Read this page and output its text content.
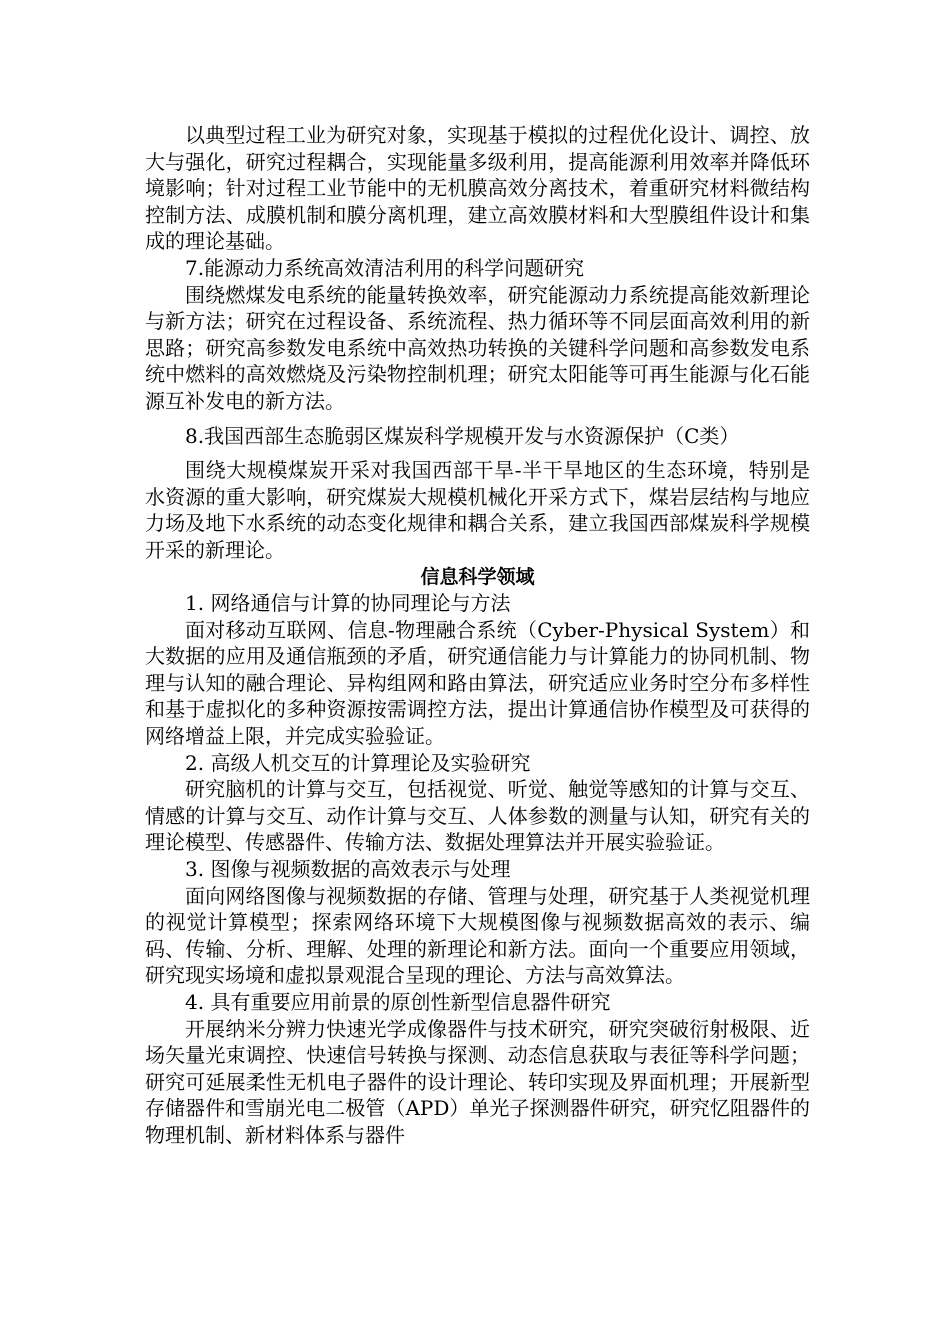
以典型过程工业为研究对象，实现基于模拟的过程优化设计、调控、放大与强化，研究过程耦合，实现能量多级利用，提高能源利用效率并降低环境影响；针对过程工业节能中的无机膜高效分离技术，着重研究材料微结构控制方法、成膜机制和膜分离机理，建立高效膜材料和大型膜组件设计和集成的理论基础。

7.能源动力系统高效清洁利用的科学问题研究

围绕燃煤发电系统的能量转换效率，研究能源动力系统提高能效新理论与新方法；研究在过程设备、系统流程、热力循环等不同层面高效利用的新思路；研究高参数发电系统中高效热功转换的关键科学问题和高参数发电系统中燃料的高效燃烧及污染物控制机理；研究太阳能等可再生能源与化石能源互补发电的新方法。

8.我国西部生态脆弱区煤炭科学规模开发与水资源保护（C类）

围绕大规模煤炭开采对我国西部干旱-半干旱地区的生态环境，特别是水资源的重大影响，研究煤炭大规模机械化开采方式下，煤岩层结构与地应力场及地下水系统的动态变化规律和耦合关系，建立我国西部煤炭科学规模开采的新理论。

信息科学领域

1. 网络通信与计算的协同理论与方法

面对移动互联网、信息-物理融合系统（Cyber-Physical System）和大数据的应用及通信瓶颈的矛盾，研究通信能力与计算能力的协同机制、物理与认知的融合理论、异构组网和路由算法，研究适应业务时空分布多样性和基于虚拟化的多种资源按需调控方法，提出计算通信协作模型及可获得的网络增益上限，并完成实验验证。

2. 高级人机交互的计算理论及实验研究

研究脑机的计算与交互，包括视觉、听觉、触觉等感知的计算与交互、情感的计算与交互、动作计算与交互、人体参数的测量与认知，研究有关的理论模型、传感器件、传输方法、数据处理算法并开展实验验证。

3. 图像与视频数据的高效表示与处理

面向网络图像与视频数据的存储、管理与处理，研究基于人类视觉机理的视觉计算模型；探索网络环境下大规模图像与视频数据高效的表示、编码、传输、分析、理解、处理的新理论和新方法。面向一个重要应用领域，研究现实场境和虚拟景观混合呈现的理论、方法与高效算法。

4. 具有重要应用前景的原创性新型信息器件研究

开展纳米分辨力快速光学成像器件与技术研究，研究突破衍射极限、近场矢量光束调控、快速信号转换与探测、动态信息获取与表征等科学问题；研究可延展柔性无机电子器件的设计理论、转印实现及界面机理；开展新型存储器件和雪崩光电二极管（APD）单光子探测器件研究，研究忆阻器件的物理机制、新材料体系与器件
